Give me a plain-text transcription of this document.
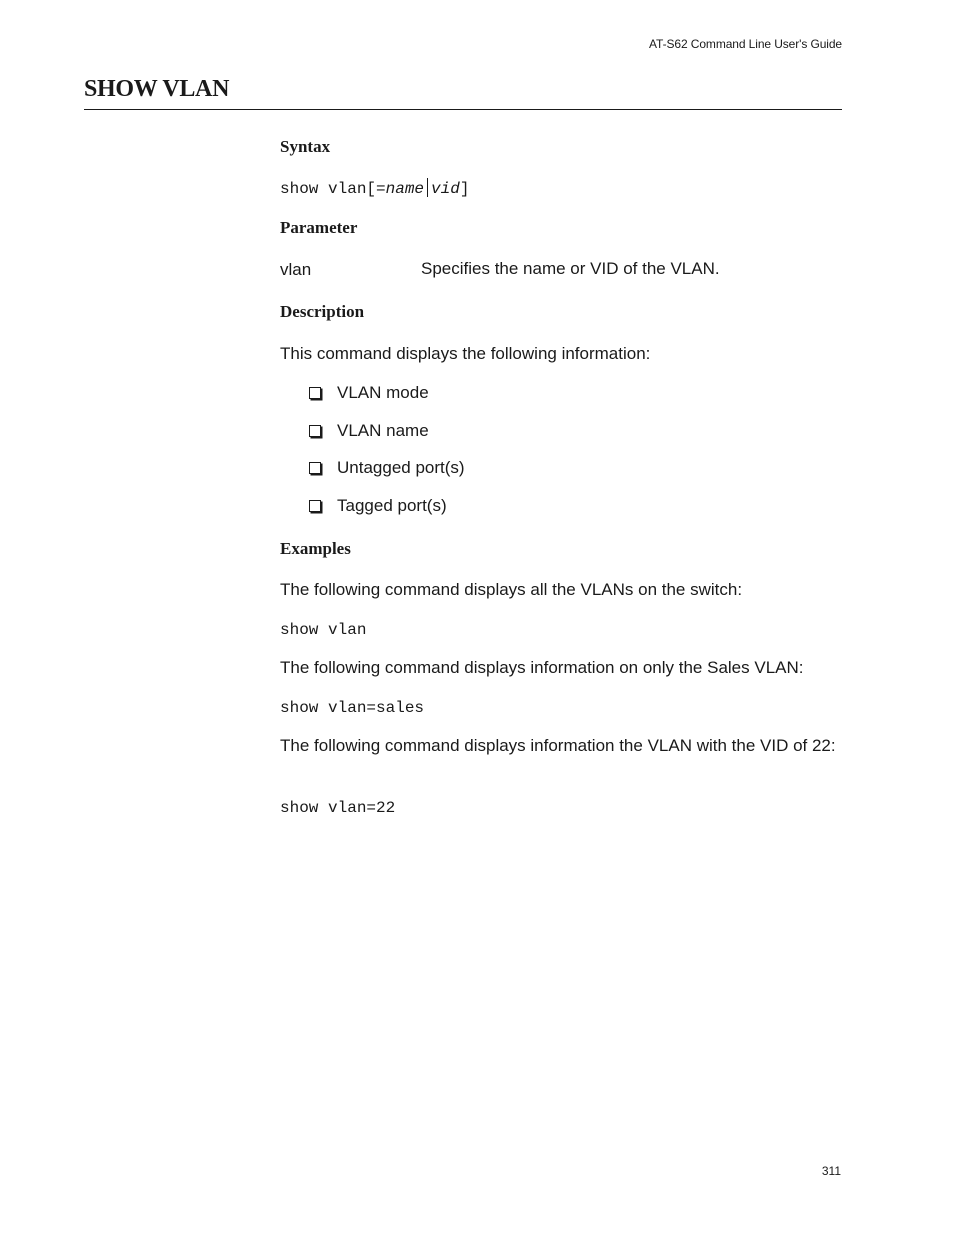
AT-S62 Command Line User's Guide
SHOW VLAN
Syntax
show vlan[=name vid]
Parameter

vlan	Specifies the name or VID of the VLAN.

Description

This command displays the following information:

VLAN mode
VLAN name
Untagged port(s)
Tagged port(s)
Examples

The following command displays all the VLANs on the switch:

show vlan

The following command displays information on only the Sales VLAN:

show vlan=sales

The following command displays information the VLAN with the VID of 22:

show vlan=22
311
